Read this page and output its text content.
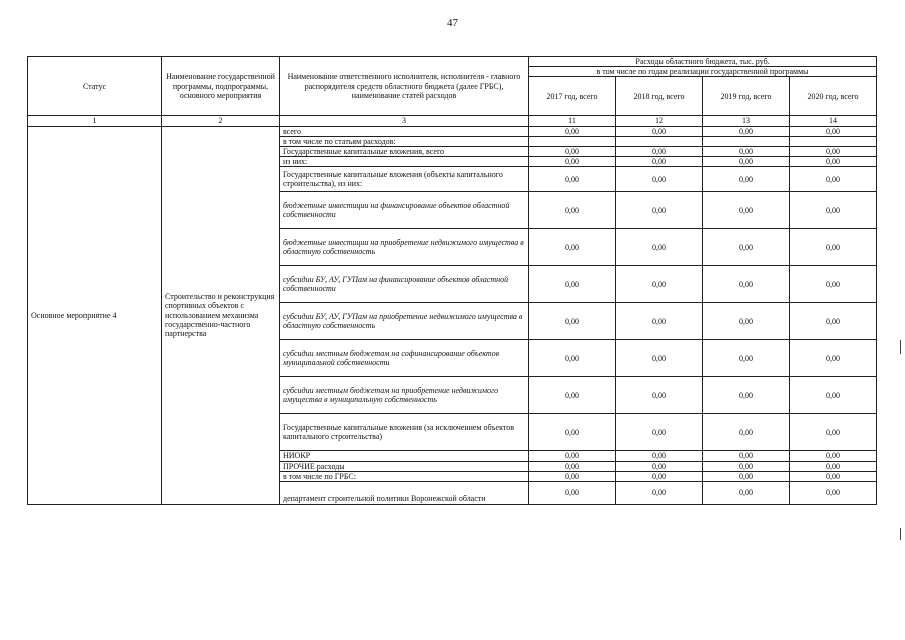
47
Статус	Наименование государственной программы, подпрограммы, основного мероприятия	Наименование ответственного исполнителя, исполнителя - главного распорядителя средств областного бюджета (далее ГРБС), наименование статей расходов	Расходы областного бюджета, тыс. руб.			
			в том числе по годам реализации государственной программы			
			2017 год, всего	2018 год, всего	2019 год, всего	2020 год, всего
1	2	3	11	12	13	14
Основное мероприятие 4	Строительство и реконструкция спортивных объектов с использованием механизма государственно-частного партнерства	всего	0,00	0,00	0,00	0,00
		в том числе по статьям расходов:				
		Государственные капитальные вложения, всего	0,00	0,00	0,00	0,00
		из них:	0,00	0,00	0,00	0,00
		Государственные капитальные вложения (объекты капитального строительства), из них:	0,00	0,00	0,00	0,00
		бюджетные инвестиции на финансирование объектов областной собственности	0,00	0,00	0,00	0,00
		бюджетные инвестиции на приобретение недвижимого имущества в областную собственность	0,00	0,00	0,00	0,00
		субсидии БУ, АУ, ГУПам на финансирование объектов областной собственности	0,00	0,00	0,00	0,00
		субсидии БУ, АУ, ГУПам на приобретение недвижимого имущества в областную собственность	0,00	0,00	0,00	0,00
		субсидии местным бюджетам на софинансирование объектов муниципальной собственности	0,00	0,00	0,00	0,00
		субсидии местным бюджетам на приобретение недвижимого имущества в муниципальную собственность	0,00	0,00	0,00	0,00
		Государственные капитальные вложения (за исключением объектов капитального строительства)	0,00	0,00	0,00	0,00
		НИОКР	0,00	0,00	0,00	0,00
		ПРОЧИЕ расходы	0,00	0,00	0,00	0,00
		в том числе по ГРБС:	0,00	0,00	0,00	0,00
		департамент строительной политики Воронежской области	0,00	0,00	0,00	0,00
